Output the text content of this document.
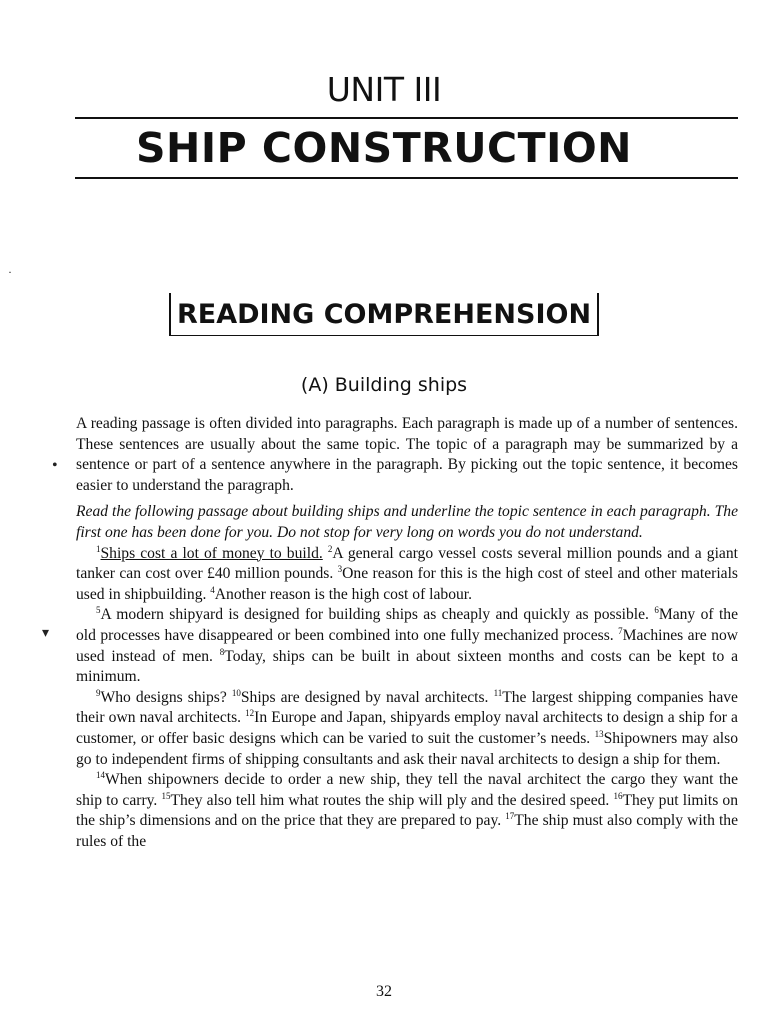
UNIT III
SHIP CONSTRUCTION
·
READING COMPREHENSION
(A) Building ships
•
▾

A reading passage is often divided into paragraphs. Each paragraph is made up of a number of sentences. These sentences are usually about the same topic. The topic of a paragraph may be summarized by a sentence or part of a sentence anywhere in the paragraph. By picking out the topic sentence, it becomes easier to understand the paragraph.

Read the following passage about building ships and underline the topic sentence in each paragraph. The first one has been done for you. Do not stop for very long on words you do not understand.

$^1$Ships cost a lot of money to build. $^2$A general cargo vessel costs several million pounds and a giant tanker can cost over £40 million pounds. $^3$One reason for this is the high cost of steel and other materials used in shipbuilding. $^4$Another reason is the high cost of labour.

$^5$A modern shipyard is designed for building ships as cheaply and quickly as possible. $^6$Many of the old processes have disappeared or been combined into one fully mechanized process. $^7$Machines are now used instead of men. $^8$Today, ships can be built in about sixteen months and costs can be kept to a minimum.

$^9$Who designs ships? $^{10}$Ships are designed by naval architects. $^{11}$The largest shipping companies have their own naval architects. $^{12}$In Europe and Japan, shipyards employ naval architects to design a ship for a customer, or offer basic designs which can be varied to suit the customer’s needs. $^{13}$Shipowners may also go to independent firms of shipping consultants and ask their naval architects to design a ship for them.

$^{14}$When shipowners decide to order a new ship, they tell the naval architect the cargo they want the ship to carry. $^{15}$They also tell him what routes the ship will ply and the desired speed. $^{16}$They put limits on the ship’s dimensions and on the price that they are prepared to pay. $^{17}$The ship must also comply with the rules of the

32
